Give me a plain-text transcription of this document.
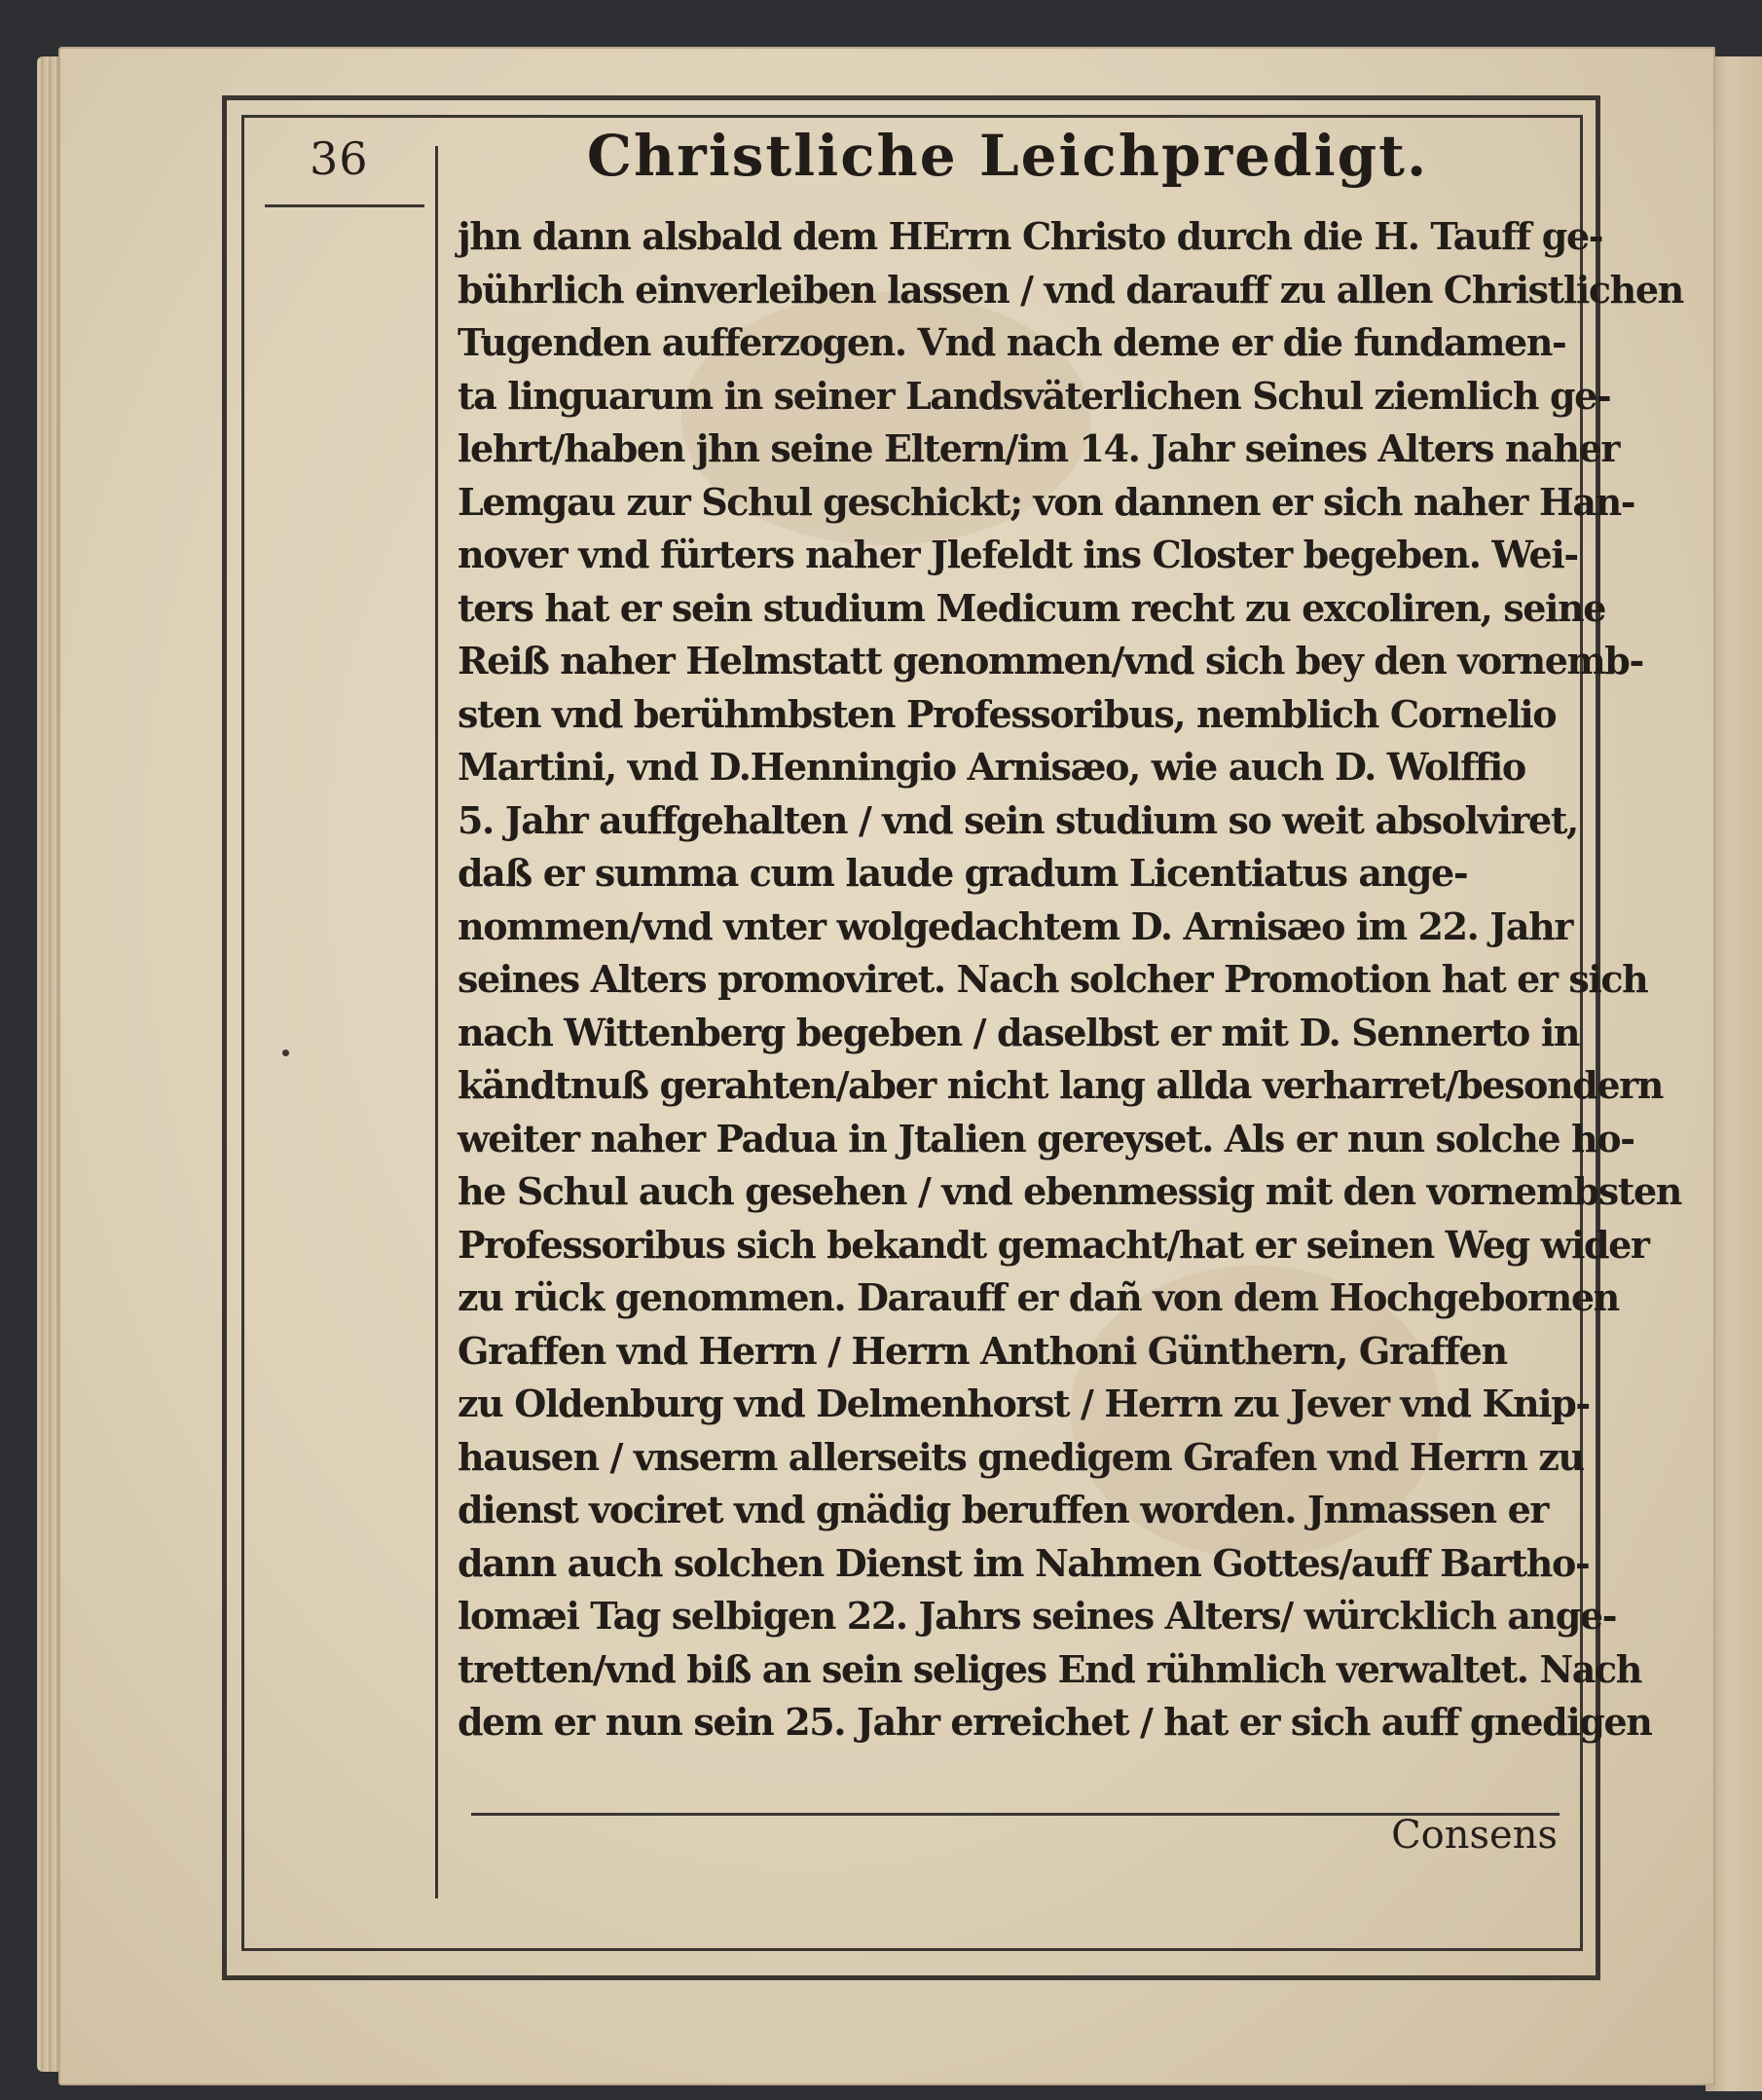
36	Christliche Leichpredigt.
jhn dann alsbald dem HErrn Christo durch die H. Tauff ge-
bührlich einverleiben lassen / vnd darauff zu allen Christlichen
Tugenden aufferzogen. Vnd nach deme er die fundamen-
ta linguarum in seiner Landsväterlichen Schul ziemlich ge-
lehrt/haben jhn seine Eltern/im 14. Jahr seines Alters naher
Lemgau zur Schul geschickt; von dannen er sich naher Han-
nover vnd fürters naher Jlefeldt ins Closter begeben. Wei-
ters hat er sein studium Medicum recht zu excoliren, seine
Reiß naher Helmstatt genommen/vnd sich bey den vornemb-
sten vnd berühmbsten Professoribus, nemblich Cornelio
Martini, vnd D.Henningio Arnisæo, wie auch D. Wolffio
5. Jahr auffgehalten / vnd sein studium so weit absolviret,
daß er summa cum laude gradum Licentiatus ange-
nommen/vnd vnter wolgedachtem D. Arnisæo im 22. Jahr
seines Alters promoviret. Nach solcher Promotion hat er sich
nach Wittenberg begeben / daselbst er mit D. Sennerto in
kändtnuß gerahten/aber nicht lang allda verharret/besondern
weiter naher Padua in Jtalien gereyset. Als er nun solche ho-
he Schul auch gesehen / vnd ebenmessig mit den vornembsten
Professoribus sich bekandt gemacht/hat er seinen Weg wider
zu rück genommen. Darauff er dañ von dem Hochgebornen
Graffen vnd Herrn / Herrn Anthoni Günthern, Graffen
zu Oldenburg vnd Delmenhorst / Herrn zu Jever vnd Knip-
hausen / vnserm allerseits gnedigem Grafen vnd Herrn zu
dienst vociret vnd gnädig beruffen worden. Jnmassen er
dann auch solchen Dienst im Nahmen Gottes/auff Bartho-
lomæi Tag selbigen 22. Jahrs seines Alters/ würcklich ange-
tretten/vnd biß an sein seliges End rühmlich verwaltet. Nach
dem er nun sein 25. Jahr erreichet / hat er sich auff gnedigen
Consens
